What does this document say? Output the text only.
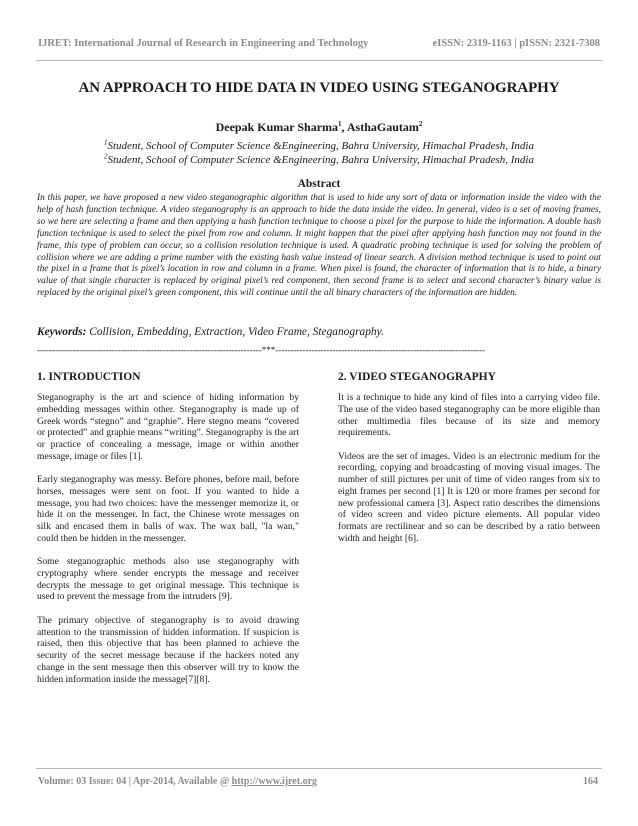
IJRET: International Journal of Research in Engineering and Technology	eISSN: 2319-1163 | pISSN: 2321-7308
AN APPROACH TO HIDE DATA IN VIDEO USING STEGANOGRAPHY
Deepak Kumar Sharma$^1$, AsthaGautam$^2$
$^1$Student, School of Computer Science &Engineering, Bahra University, Himachal Pradesh, India
$^2$Student, School of Computer Science &Engineering, Bahra University, Himachal Pradesh, India
Abstract
In this paper, we have proposed a new video steganographic algorithm that is used to hide any sort of data or information inside the video with the help of hash function technique. A video steganography is an approach to hide the data inside the video. In general, video is a set of moving frames, so we here are selecting a frame and then applying a hash function technique to choose a pixel for the purpose to hide the information. A double hash function technique is used to select the pixel from row and column. It might happen that the pixel after applying hash function may not found in the frame, this type of problem can occur, so a collision resolution technique is used. A quadratic probing technique is used for solving the problem of collision where we are adding a prime number with the existing hash value instead of linear search. A division method technique is used to point out the pixel in a frame that is pixel’s location in row and column in a frame. When pixel is found, the character of information that is to hide, a binary value of that single character is replaced by original pixel’s red component, then second frame is to select and second character’s binary value is replaced by the original pixel’s green component, this will continue until the all binary characters of the information are hidden.
Keywords: Collision, Embedding, Extraction, Video Frame, Steganography.
---------------------------------------------------------------------------***----------------------------------------------------------------------
1. INTRODUCTION

Steganography is the art and science of hiding information by embedding messages within other. Steganography is made up of Greek words “stegno” and “graphie”. Here stegno means “covered or protected” and graphie means “writing”. Steganography is the art or practice of concealing a message, image or within another message, image or files [1].

Early steganography was messy. Before phones, before mail, before horses, messages were sent on foot. If you wanted to hide a message, you had two choices: have the messenger memorize it, or hide it on the messenger. In fact, the Chinese wrote messages on silk and encased them in balls of wax. The wax ball, "la wan," could then be hidden in the messenger.

Some steganographic methods also use steganography with cryptography where sender encrypts the message and receiver decrypts the message to get original message. This technique is used to prevent the message from the intruders [9].

The primary objective of steganography is to avoid drawing attention to the transmission of hidden information. If suspicion is raised, then this objective that has been planned to achieve the security of the secret message because if the hackers noted any change in the sent message then this observer will try to know the hidden information inside the message[7][8].

2. VIDEO STEGANOGRAPHY

It is a technique to hide any kind of files into a carrying video file. The use of the video based steganography can be more eligible than other multimedia files because of its size and memory requirements.

Videos are the set of images. Video is an electronic medium for the recording, copying and broadcasting of moving visual images. The number of still pictures per unit of time of video ranges from six to eight frames per second [1] It is 120 or more frames per second for new professional camera [3]. Aspect ratio describes the dimensions of video screen and video picture elements. All popular video formats are rectilinear and so can be described by a ratio between width and height [6].

Volume: 03 Issue: 04 | Apr-2014, Available @ http://www.ijret.org	164
